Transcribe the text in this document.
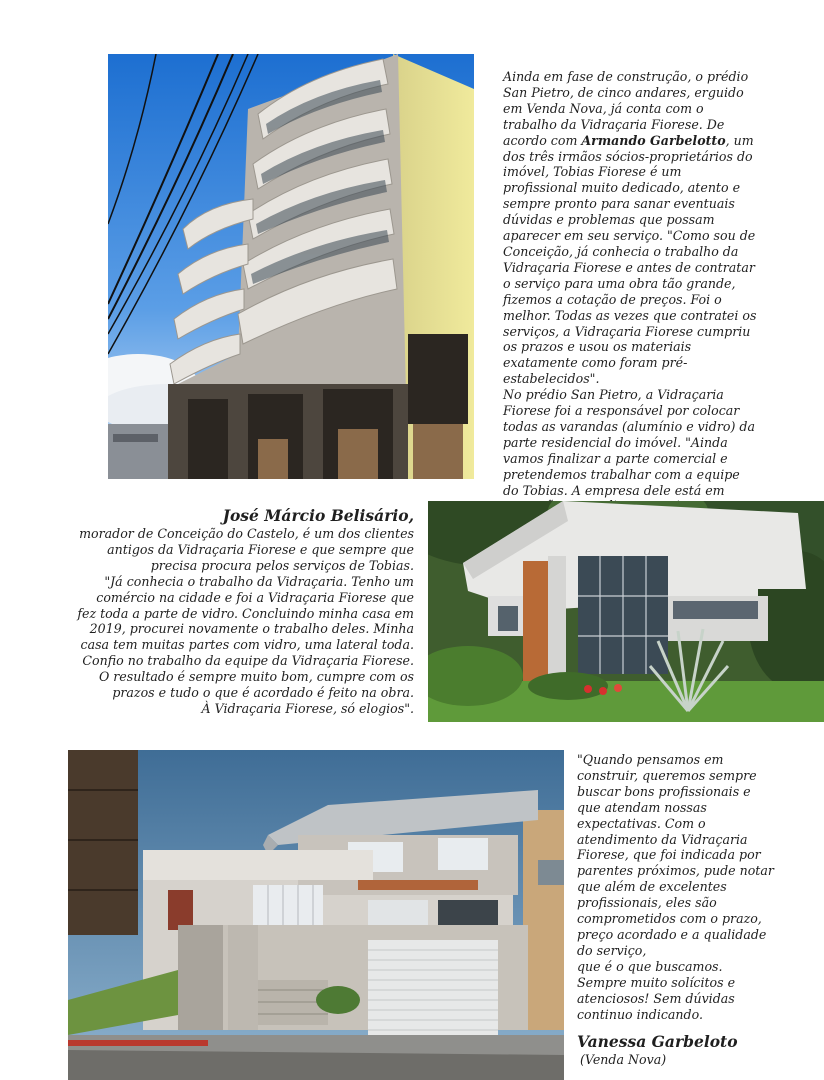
Ainda em fase de construção, o prédio San Pietro, de cinco andares, erguido em Venda Nova, já conta com o trabalho da Vidraçaria Fiorese. De acordo com Armando Garbelotto, um dos três irmãos sócios-proprietários do imóvel, Tobias Fiorese é um profissional muito dedicado, atento e sempre pronto para sanar eventuais dúvidas e problemas que possam aparecer em seu serviço. "Como sou de Conceição, já conhecia o trabalho da Vidraçaria Fiorese e antes de contratar o serviço para uma obra tão grande, fizemos a cotação de preços. Foi o melhor. Todas as vezes que contratei os serviços, a Vidraçaria Fiorese cumpriu os prazos e usou os materiais exatamente como foram pré-estabelecidos".

No prédio San Pietro, a Vidraçaria Fiorese foi a responsável por colocar todas as varandas (alumínio e vidro) da parte residencial do imóvel. "Ainda vamos finalizar a parte comercial e pretendemos trabalhar com a equipe do Tobias. A empresa dele está em

José Márcio Belisário,

morador de Conceição do Castelo, é um dos clientes antigos da Vidraçaria Fiorese e que sempre que precisa procura pelos serviços de Tobias.

"Já conhecia o trabalho da Vidraçaria. Tenho um comércio na cidade e foi a Vidraçaria Fiorese que fez toda a parte de vidro. Concluindo minha casa em 2019, procurei novamente o trabalho deles. Minha casa tem muitas partes com vidro, uma lateral toda. Confio no trabalho da equipe da Vidraçaria Fiorese.

O resultado é sempre muito bom, cumpre com os prazos e tudo o que é acordado é feito na obra.

À Vidraçaria Fiorese, só elogios".

"Quando pensamos em construir, queremos sempre buscar bons profissionais e que atendam nossas expectativas. Com o atendimento da Vidraçaria Fiorese, que foi indicada por parentes próximos, pude notar que além de excelentes profissionais, eles são comprometidos com o prazo, preço acordado e a qualidade do serviço,

que é o que buscamos.

Sempre muito solícitos e atenciosos! Sem dúvidas continuo indicando.

Vanessa Garbeloto

(Venda Nova)
